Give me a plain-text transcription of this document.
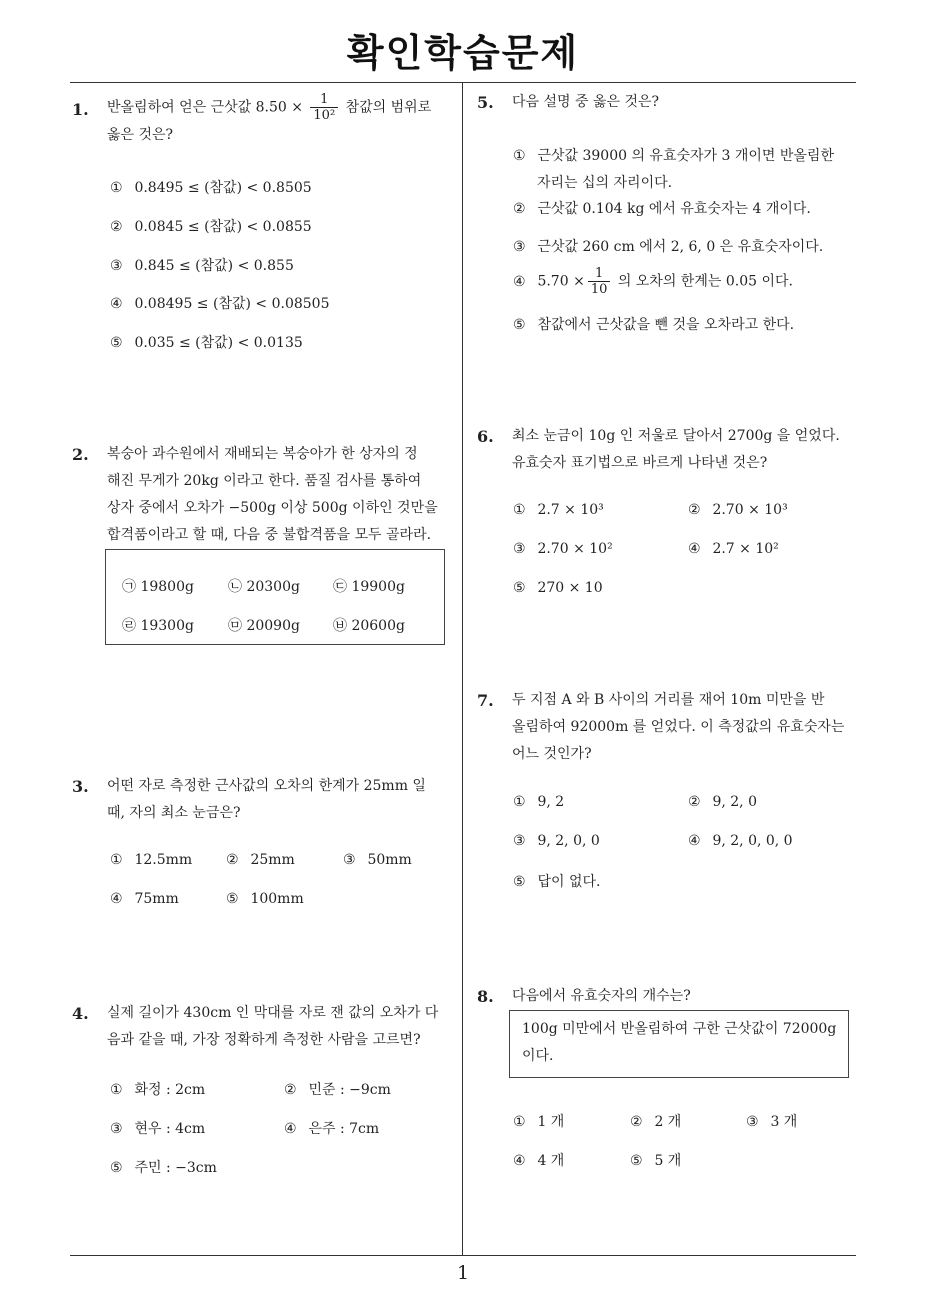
확인학습문제
1
1. 반올림하여 얻은 근삿값 $8.50 \times \frac{1}{\text{10²}}$ 참값의 범위로
옳은 것은?
① 0.8495 ≤ (참값) < 0.8505
② 0.0845 ≤ (참값) < 0.0855
③ 0.845 ≤ (참값) < 0.855
④ 0.08495 ≤ (참값) < 0.08505
⑤ 0.035 ≤ (참값) < 0.0135
2. 복숭아 과수원에서 재배되는 복숭아가 한 상자의 정
해진 무게가 20kg 이라고 한다. 품질 검사를 통하여
상자 중에서 오차가 −500g 이상 500g 이하인 것만을
합격품이라고 할 때, 다음 중 불합격품을 모두 골라라.
㉠ 19800g ㉡ 20300g ㉢ 19900g
㉣ 19300g ㉤ 20090g ㉥ 20600g
3. 어떤 자로 측정한 근사값의 오차의 한계가 25mm 일
때, 자의 최소 눈금은?
① 12.5mm ② 25mm	③ 50mm
④ 75mm	⑤ 100mm
4. 실제 길이가 430cm 인 막대를 자로 잰 값의 오차가 다
음과 같을 때, 가장 정확하게 측정한 사람을 고르면?
① 화정 : 2cm	② 민준 : −9cm
③ 현우 : 4cm	④ 은주 : 7cm
⑤ 주민 : −3cm
5. 다음 설명 중 옳은 것은?
① 근삿값 39000 의 유효숫자가 3 개이면 반올림한
자리는 십의 자리이다.
② 근삿값 0.104 kg 에서 유효숫자는 4 개이다.
③ 근삿값 260 cm 에서 2, 6, 0 은 유효숫자이다.
④ $5.70 \times \frac{1}{10}$ 의 오차의 한계는 0.05 이다.
⑤ 참값에서 근삿값을 뺀 것을 오차라고 한다.
6. 최소 눈금이 10g 인 저울로 달아서 2700g 을 얻었다.
유효숫자 표기법으로 바르게 나타낸 것은?
① 2.7 × 10³	② 2.70 × 10³
③ 2.70 × 10²	④ 2.7 × 10²
⑤ 270 × 10
7. 두 지점 A 와 B 사이의 거리를 재어 10m 미만을 반
올림하여 92000m 를 얻었다. 이 측정값의 유효숫자는
어느 것인가?
① 9, 2	② 9, 2, 0
③ 9, 2, 0, 0	④ 9, 2, 0, 0, 0
⑤ 답이 없다.
8. 다음에서 유효숫자의 개수는?
100g 미만에서 반올림하여 구한 근삿값이 72000g
이다.
① 1 개	② 2 개	③ 3 개
④ 4 개	⑤ 5 개
